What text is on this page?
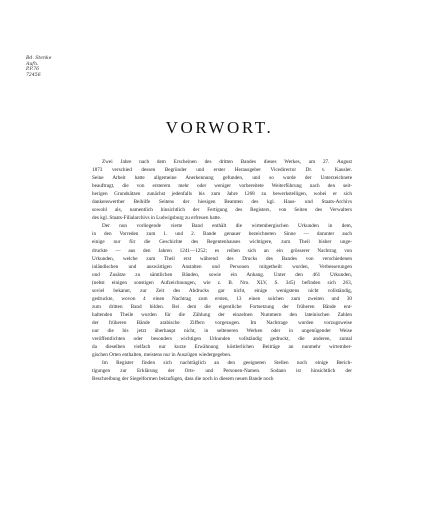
Bd. Stenke
Aufn.
P.P.76
72456
VORWORT.
Zwei Jahre nach dem Erscheinen des dritten Bandes dieses Werkes, am 27. August
1873 verschied dessen Begründer und erster Herausgeber Vicedirector Dr. v. Kausler.
Seine Arbeit hatte allgemeine Anerkennung gefunden, und so wurde der Unterzeichnete
beauftragt, die von ersterem mehr oder weniger vorbereitete Weiterführung nach den seit-
herigen Grundsätzen zunächst jedenfalls bis zum Jahre 1268 zu bewerkstelligen, wobei er sich
dankenswerther Beihilfe Seitens der hiesigen Beamten des kgl. Haus- und Staats-Archivs
sowohl als, namentlich hinsichtlich der Fertigung des Registers, von Seiten des Verwalters
des kgl. Staats-Filialarchivs in Ludwigsburg zu erfreuen hatte.
Der nun vorliegende vierte Band enthält die wirtembergischen Urkunden in dem,
in den Vorreden zum 1. und 2. Bande genauer bezeichneten Sinne — darunter auch
einige nur für die Geschichte des Regentenhauses wichtigere, zum Theil bisher unge-
druckte — aus den Jahren 1241—1252; es reihen sich an ein grösserer Nachtrag von
Urkunden, welche zum Theil erst während des Drucks des Bandes von verschiedenen
inländischen und auswärtigen Anstalten und Personen mitgetheilt wurden, Verbesserungen
und Zusätze zu sämtlichen Bänden, sowie ein Anhang. Unter den 461 Urkunden,
(nebst einigen sonstigen Aufzeichnungen, wie z. B. Nro. XLV, S. 345) befinden sich 263,
soviel bekannt, zur Zeit des Abdrucks gar nicht, einige wenigstens nicht vollständig,
gedruckte, wovon 4 einen Nachtrag zum ersten, 13 einen solchen zum zweiten und 30
zum dritten Band bilden. Bei dem die eigentliche Fortsetzung der früheren Bände ent-
haltenden Theile wurden für die Zählung der einzelnen Nummern den lateinischen Zahlen
der früheren Bände arabische Ziffern vorgezogen. Im Nachtrage wurden vorzugsweise
nur die bis jetzt überhaupt nicht, in selteneren Werken oder in ungenügender Weise
veröffentlichten oder besonders wichtigen Urkunden vollständig gedruckt, die anderen, zumal
da dieselben vielfach nur kurze Erwähnung köstlerlichen Beiträge an nunmehr wirtember-
gischen Orten enthalten, meistens nur in Auszügen wiedergegeben.
Im Register finden sich nachträglich an den geeigneten Stellen noch einige Berich-
tigungen zur Erklärung der Orts- und Personen-Namen. Sodann ist hinsichtlich der
Beschreibung der Siegelformen beizufügen, dass die noch in diesem neuen Bande noch
